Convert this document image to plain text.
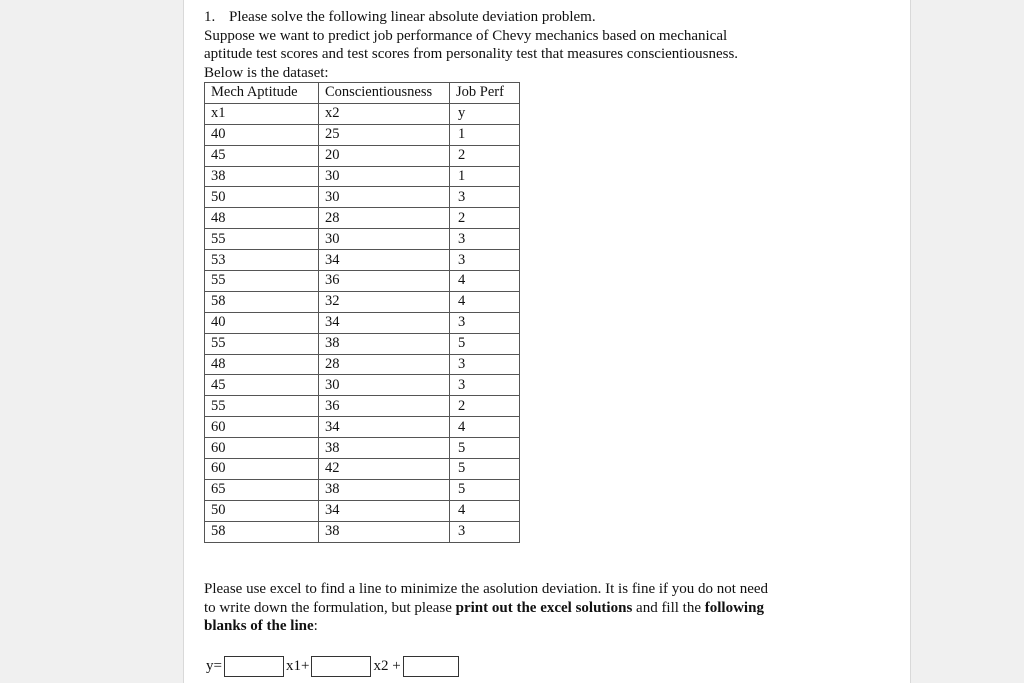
1. Please solve the following linear absolute deviation problem.
Suppose we want to predict job performance of Chevy mechanics based on mechanical
aptitude test scores and test scores from personality test that measures conscientiousness.
Below is the dataset:
Mech Aptitude	Conscientiousness	Job Perf
x1	x2	y
40	25	1
45	20	2
38	30	1
50	30	3
48	28	2
55	30	3
53	34	3
55	36	4
58	32	4
40	34	3
55	38	5
48	28	3
45	30	3
55	36	2
60	34	4
60	38	5
60	42	5
65	38	5
50	34	4
58	38	3

Please use excel to find a line to minimize the asolution deviation. It is fine if you do not need

to write down the formulation, but please print out the excel solutions and fill the following

blanks of the line:

y=	x1+	x2 +
